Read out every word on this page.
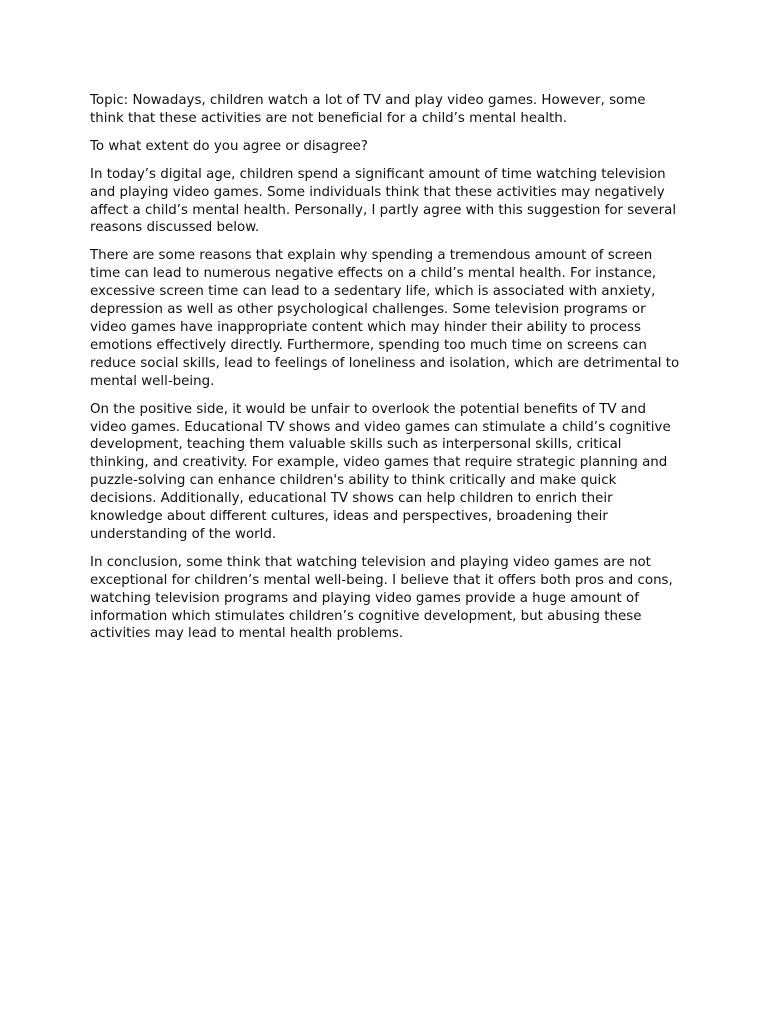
Topic: Nowadays, children watch a lot of TV and play video games. However, some think that these activities are not beneficial for a child’s mental health.

To what extent do you agree or disagree?

In today’s digital age, children spend a significant amount of time watching television and playing video games. Some individuals think that these activities may negatively affect a child’s mental health. Personally, I partly agree with this suggestion for several reasons discussed below.

There are some reasons that explain why spending a tremendous amount of screen time can lead to numerous negative effects on a child’s mental health. For instance, excessive screen time can lead to a sedentary life, which is associated with anxiety, depression as well as other psychological challenges. Some television programs or video games have inappropriate content which may hinder their ability to process emotions effectively directly. Furthermore, spending too much time on screens can reduce social skills, lead to feelings of loneliness and isolation, which are detrimental to mental well-being.

On the positive side, it would be unfair to overlook the potential benefits of TV and video games. Educational TV shows and video games can stimulate a child’s cognitive development, teaching them valuable skills such as interpersonal skills, critical thinking, and creativity. For example, video games that require strategic planning and puzzle-solving can enhance children's ability to think critically and make quick decisions. Additionally, educational TV shows can help children to enrich their knowledge about different cultures, ideas and perspectives, broadening their understanding of the world.

In conclusion, some think that watching television and playing video games are not exceptional for children’s mental well-being. I believe that it offers both pros and cons, watching television programs and playing video games provide a huge amount of information which stimulates children’s cognitive development, but abusing these activities may lead to mental health problems.
